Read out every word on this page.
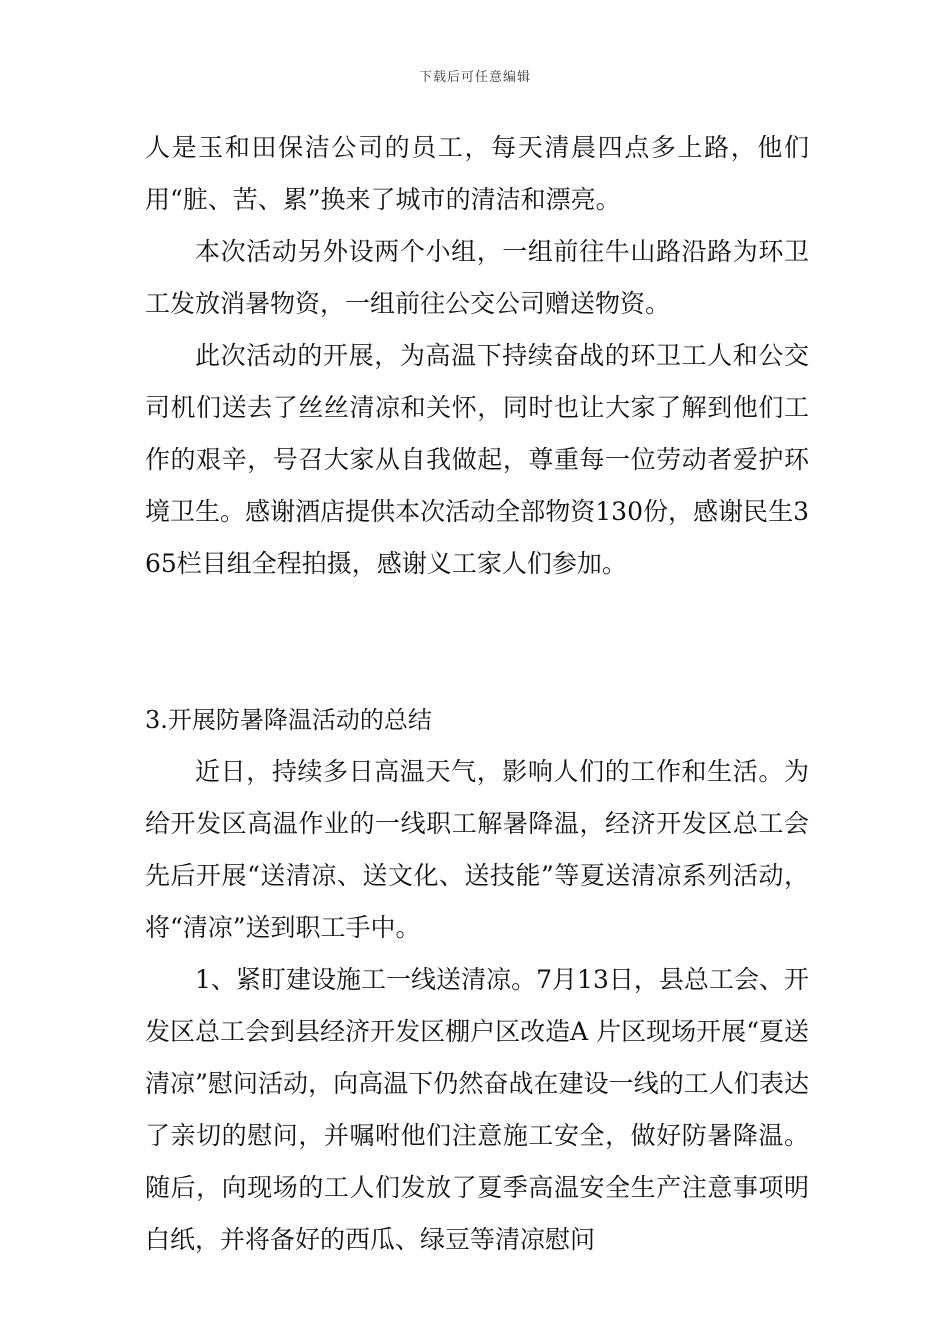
下载后可任意编辑

人是玉和田保洁公司的员工，每天清晨四点多上路，他们用“脏、苦、累”换来了城市的清洁和漂亮。

本次活动另外设两个小组，一组前往牛山路沿路为环卫工发放消暑物资，一组前往公交公司赠送物资。

此次活动的开展，为高温下持续奋战的环卫工人和公交司机们送去了丝丝清凉和关怀，同时也让大家了解到他们工作的艰辛，号召大家从自我做起，尊重每一位劳动者爱护环境卫生。感谢酒店提供本次活动全部物资130份，感谢民生365栏目组全程拍摄，感谢义工家人们参加。

3.开展防暑降温活动的总结

近日，持续多日高温天气，影响人们的工作和生活。为给开发区高温作业的一线职工解暑降温，经济开发区总工会先后开展“送清凉、送文化、送技能”等夏送清凉系列活动，将“清凉”送到职工手中。

1、紧盯建设施工一线送清凉。7月13日，县总工会、开发区总工会到县经济开发区棚户区改造A 片区现场开展“夏送清凉”慰问活动，向高温下仍然奋战在建设一线的工人们表达了亲切的慰问，并嘱咐他们注意施工安全，做好防暑降温。随后，向现场的工人们发放了夏季高温安全生产注意事项明白纸，并将备好的西瓜、绿豆等清凉慰问
